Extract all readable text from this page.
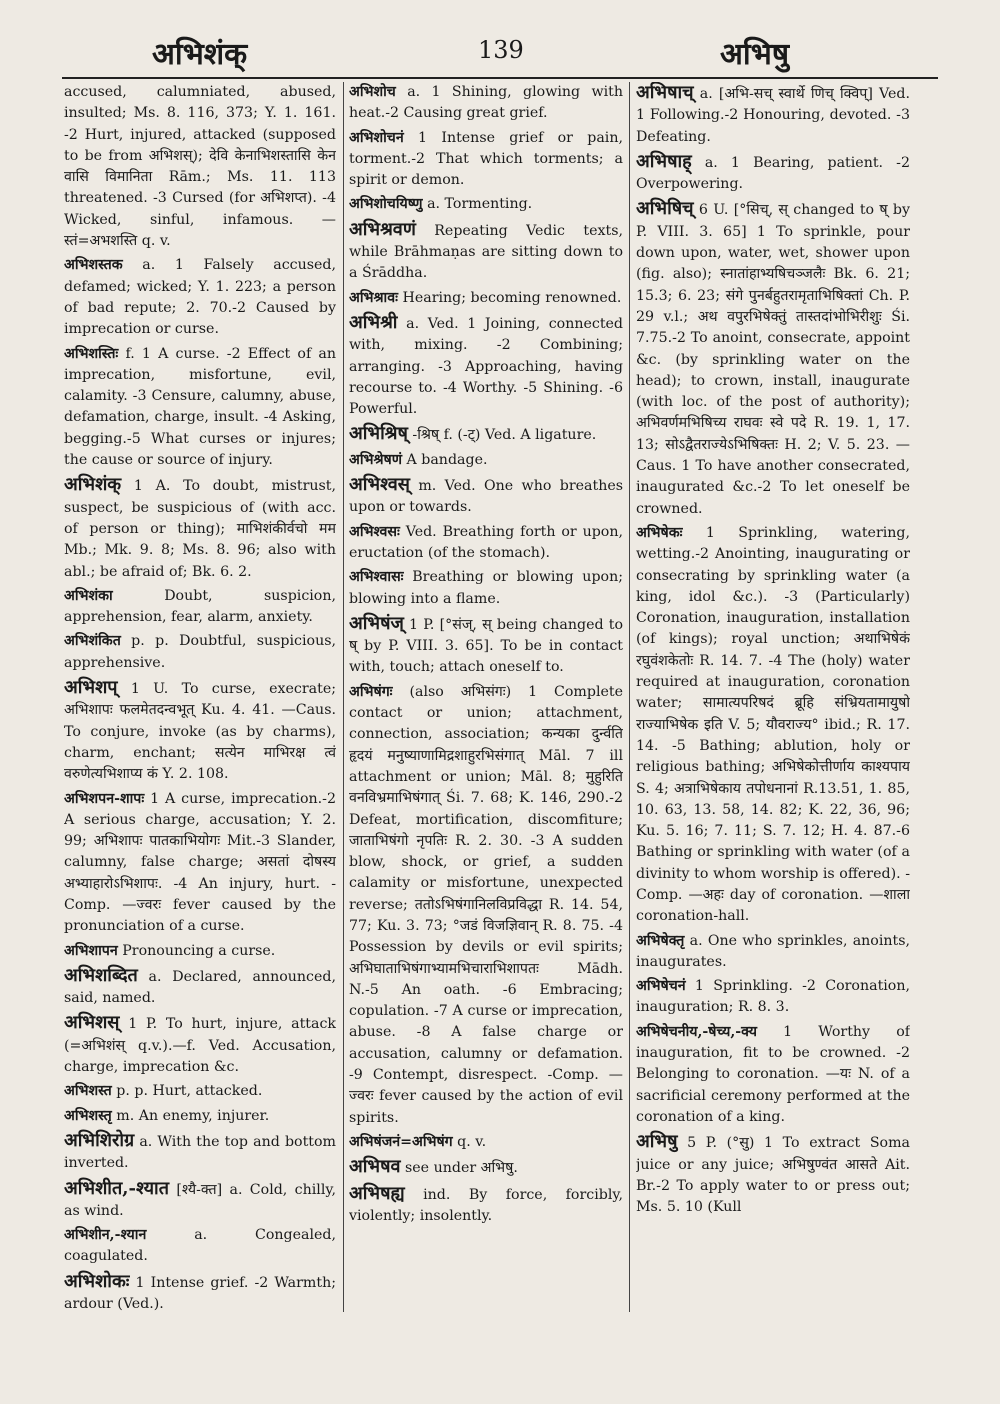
अभिशंक्	139	अभिषु

accused, calumniated, abused, insulted; Ms. 8. 116, 373; Y. 1. 161. -2 Hurt, injured, attacked (supposed to be from अभिशस्); देवि केनाभिशस्तासि केन वासि विमानिता Rām.; Ms. 11. 113 threatened. -3 Cursed (for अभिशप्त). -4 Wicked, sinful, infamous. —स्तं=अभशस्ति q. v.

अभिशस्तक a. 1 Falsely accused, defamed; wicked; Y. 1. 223; a person of bad repute; 2. 70.-2 Caused by imprecation or curse.

अभिशस्तिः f. 1 A curse. -2 Effect of an imprecation, misfortune, evil, calamity. -3 Censure, calumny, abuse, defamation, charge, insult. -4 Asking, begging.-5 What curses or injures; the cause or source of injury.

अभिशंक् 1 A. To doubt, mistrust, suspect, be suspicious of (with acc. of person or thing); माभिशंकीर्वचो मम Mb.; Mk. 9. 8; Ms. 8. 96; also with abl.; be afraid of; Bk. 6. 2.

अभिशंका	Doubt, suspicion, apprehension, fear, alarm, anxiety.

अभिशंकित p. p. Doubtful, suspicious, apprehensive.

अभिशप् 1 U. To curse, execrate; अभिशापः फलमेतदन्वभूत् Ku. 4. 41. —Caus. To conjure, invoke (as by charms), charm, enchant; सत्येन माभिरक्ष त्वं वरुणेत्यभिशाप्य कं Y. 2. 108.

अभिशपन-शापः 1 A curse, imprecation.-2 A serious charge, accusation; Y. 2. 99; अभिशापः पातकाभियोगः Mit.-3 Slander, calumny, false charge; असतां दोषस्य अभ्याहारोऽभिशापः. -4 An injury, hurt. -Comp. —ज्वरः fever caused by the pronunciation of a curse.

अभिशापन Pronouncing a curse.

अभिशब्दित a. Declared, announced, said, named.

अभिशस् 1 P. To hurt, injure, attack (=अभिशंस् q.v.).—f. Ved. Accusation, charge, imprecation &c.

अभिशस्त p. p. Hurt, attacked.

अभिशस्तृ m. An enemy, injurer.

अभिशिरोग्र a. With the top and bottom inverted.

अभिशीत,-श्यात [श्यै-क्त] a. Cold, chilly, as wind.

अभिशीन,-श्यान	a. Congealed, coagulated.

अभिशोकः 1 Intense grief. -2 Warmth; ardour (Ved.).

अभिशोच a. 1 Shining, glowing with heat.-2 Causing great grief.

अभिशोचनं 1 Intense grief or pain, torment.-2 That which torments; a spirit or demon.

अभिशोचयिष्णु a. Tormenting.

अभिश्रवणं Repeating Vedic texts, while Brāhmaṇas are sitting down to a Śrāddha.

अभिश्रावः Hearing; becoming renowned.

अभिश्री a. Ved. 1 Joining, connected with, mixing. -2 Combining; arranging. -3 Approaching, having recourse to. -4 Worthy. -5 Shining. -6 Powerful.

अभिश्रिष् -श्रिष् f. (-ट्) Ved. A ligature.

अभिश्रेषणं A bandage.

अभिश्वस् m. Ved. One who breathes upon or towards.

अभिश्वसः Ved. Breathing forth or upon, eructation (of the stomach).

अभिश्वासः Breathing or blowing upon; blowing into a flame.

अभिषंज् 1 P. [°संज्, स् being changed to ष् by P. VIII. 3. 65]. To be in contact with, touch; attach oneself to.

अभिषंगः (also अभिसंगः) 1 Complete contact or union; attachment, connection, association; कन्यका दुर्न्वति हृदयं मनुष्याणामिद्रशाहुरभिसंगात् Māl. 7 ill attachment or union; Māl. 8; मुहुरिति वनविभ्रमाभिषंगात् Śi. 7. 68; K. 146, 290.-2 Defeat, mortification, discomfiture; जाताभिषंगो नृपतिः R. 2. 30. -3 A sudden blow, shock, or grief, a sudden calamity or misfortune, unexpected reverse; ततोऽभिषंगानिलविप्रविद्धा R. 14. 54, 77; Ku. 3. 73; °जडं विजज्ञिवान् R. 8. 75. -4 Possession by devils or evil spirits; अभिघाताभिषंगाभ्यामभिचाराभिशापतः Mādh. N.-5 An oath. -6 Embracing; copulation. -7 A curse or imprecation, abuse. -8 A false charge or accusation, calumny or defamation. -9 Contempt, disrespect. -Comp. —ज्वरः fever caused by the action of evil spirits.

अभिषंजनं=अभिषंग q. v.

अभिषव see under अभिषु.

अभिषह्य ind. By force, forcibly, violently; insolently.

अभिषाच् a. [अभि-सच् स्वार्थे णिच् क्विप्] Ved. 1 Following.-2 Honouring, devoted. -3 Defeating.

अभिषाह् a. 1 Bearing, patient. -2 Overpowering.

अभिषिच् 6 U. [°सिच्, स् changed to ष् by P. VIII. 3. 65] 1 To sprinkle, pour down upon, water, wet, shower upon (fig. also); स्नातांहाभ्यषिचञ्जलैः Bk. 6. 21; 15.3; 6. 23; संगे पुनर्बहुतरामृताभिषिक्तां Ch. P. 29 v.l.; अथ वपुरभिषेक्तुं तास्तदांभोभिरीशुः Śi. 7.75.-2 To anoint, consecrate, appoint &c. (by sprinkling water on the head); to crown, install, inaugurate (with loc. of the post of authority); अभिवर्णमभिषिच्य राघवः स्वे पदे R. 19. 1, 17. 13; सोऽद्वैतराज्येऽभिषिक्तः H. 2; V. 5. 23. —Caus. 1 To have another consecrated, inaugurated &c.-2 To let oneself be crowned.

अभिषेकः 1 Sprinkling, watering, wetting.-2 Anointing, inaugurating or consecrating by sprinkling water (a king, idol &c.). -3 (Particularly) Coronation, inauguration, installation (of kings); royal unction; अथाभिषेकं रघुवंशकेतोः R. 14. 7. -4 The (holy) water required at inauguration, coronation water; सामात्यपरिषदं ब्रूहि संभ्रियतामायुषो राज्याभिषेक इति V. 5; यौवराज्य° ibid.; R. 17. 14. -5 Bathing; ablution, holy or religious bathing; अभिषेकोत्तीर्णाय काश्यपाय S. 4; अत्राभिषेकाय तपोधनानां R.13.51, 1. 85, 10. 63, 13. 58, 14. 82; K. 22, 36, 96; Ku. 5. 16; 7. 11; S. 7. 12; H. 4. 87.-6 Bathing or sprinkling with water (of a divinity to whom worship is offered). -Comp. —अहः day of coronation. —शाला coronation-hall.

अभिषेक्तृ a. One who sprinkles, anoints, inaugurates.

अभिषेचनं 1 Sprinkling. -2 Coronation, inauguration; R. 8. 3.

अभिषेचनीय,-षेच्य,-क्य 1 Worthy of inauguration, fit to be crowned. -2 Belonging to coronation. —यः N. of a sacrificial ceremony performed at the coronation of a king.

अभिषु 5 P. (°सु) 1 To extract Soma juice or any juice; अभिषुण्वंत आसते Ait. Br.-2 To apply water to or press out; Ms. 5. 10 (Kull
